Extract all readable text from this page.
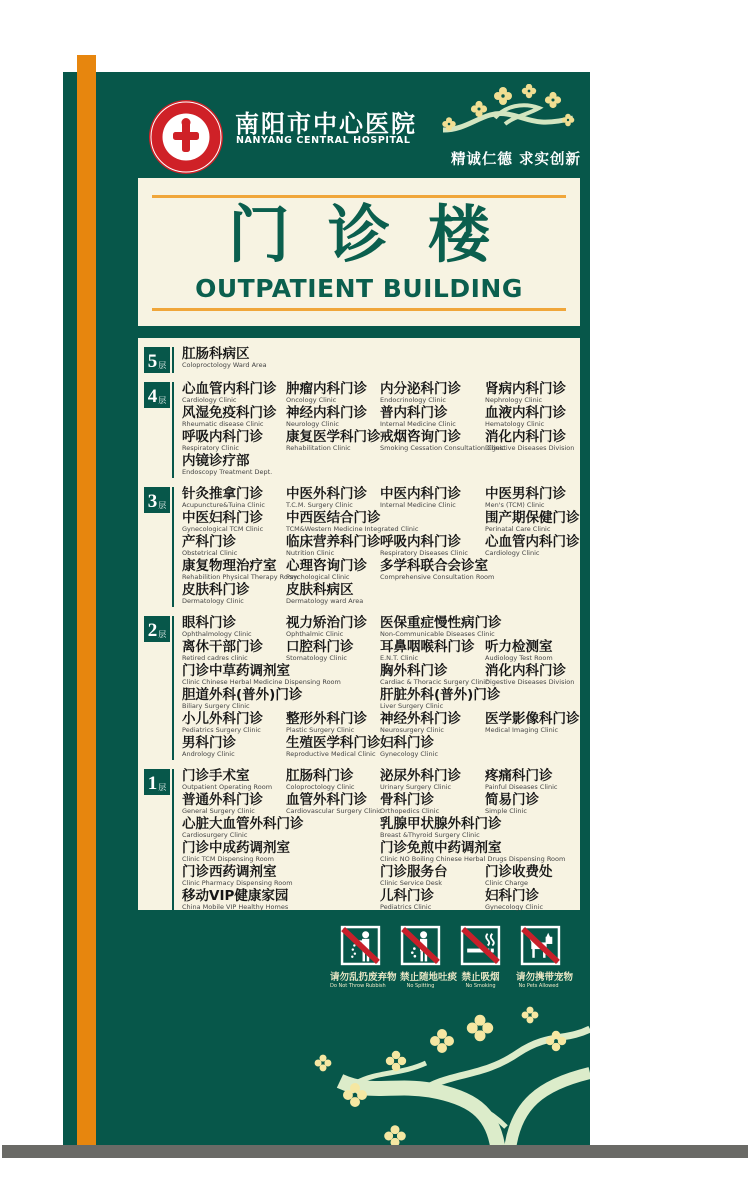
南阳市中心医院
NANYANG CENTRAL HOSPITAL
精诚仁德 求实创新
门诊楼
OUTPATIENT BUILDING
5 层
肛肠科病区
Coloproctology Ward Area
4 层
心血管内科门诊
Cardiology Clinic
肿瘤内科门诊
Oncology Clinic
内分泌科门诊
Endocrinology Clinic
肾病内科门诊
Nephrology Clinic
风湿免疫科门诊
Rheumatic disease Clinic
神经内科门诊
Neurology Clinic
普内科门诊
Internal Medicine Clinic
血液内科门诊
Hematology Clinic
呼吸内科门诊
Respiratory Clinic
康复医学科门诊
Rehabilitation Clinic
戒烟咨询门诊
Smoking Cessation Consultation Clinic
消化内科门诊
Digestive Diseases Division
内镜诊疗部
Endoscopy Treatment Dept.
3 层
针灸推拿门诊
Acupuncture&Tuina Clinic
中医外科门诊
T.C.M. Surgery Clinic
中医内科门诊
Internal Medicine Clinic
中医男科门诊
Men's (TCM) Clinic
中医妇科门诊
Gynecological TCM Clinic
中西医结合门诊
TCM&Western Medicine Integrated Clinic
围产期保健门诊
Perinatal Care Clinic
产科门诊
Obstetrical Clinic
临床营养科门诊
Nutrition Clinic
呼吸内科门诊
Respiratory Diseases Clinic
心血管内科门诊
Cardiology Clinic
康复物理治疗室
Rehabilition Physical Therapy Room
心理咨询门诊
Psychological Clinic
多学科联合会诊室
Comprehensive Consultation Room
皮肤科门诊
Dermatology Clinic
皮肤科病区
Dermatology ward Area
2 层
眼科门诊
Ophthalmology Clinic
视力矫治门诊
Ophthalmic Clinic
医保重症慢性病门诊
Non-Communicable Diseases Clinic
离休干部门诊
Retired cadres clinic
口腔科门诊
Stomatology Clinic
耳鼻咽喉科门诊
E.N.T. Clinic
听力检测室
Audiology Test Room
门诊中草药调剂室
Clinic Chinese Herbal Medicine Dispensing Room
胸外科门诊
Cardiac & Thoracic Surgery Clinic
消化内科门诊
Digestive Diseases Division
胆道外科(普外)门诊
Biliary Surgery Clinic
肝脏外科(普外)门诊
Liver Surgery Clinic
小儿外科门诊
Pediatrics Surgery Clinic
整形外科门诊
Plastic Surgery Clinic
神经外科门诊
Neurosurgery Clinic
医学影像科门诊
Medical Imaging Clinic
男科门诊
Andrology Clinic
生殖医学科门诊
Reproductive Medical Clinic
妇科门诊
Gynecology Clinic
1 层
门诊手术室
Outpatient Operating Room
肛肠科门诊
Coloproctology Clinic
泌尿外科门诊
Urinary Surgery Clinic
疼痛科门诊
Painful Diseases Clinic
普通外科门诊
General Surgery Clinic
血管外科门诊
Cardiovascular Surgery Clinic
骨科门诊
Orthopedics Clinic
简易门诊
Simple Clinic
心脏大血管外科门诊
Cardiosurgery Clinic
乳腺甲状腺外科门诊
Breast &Thyroid Surgery Clinic
门诊中成药调剂室
Clinic TCM Dispensing Room
门诊免煎中药调剂室
Clinic NO Boiling Chinese Herbal Drugs Dispensing Room
门诊西药调剂室
Clinic Pharmacy Dispensing Room
门诊服务台
Clinic Service Desk
门诊收费处
Clinic Charge
移动VIP健康家园
China Mobile VIP Healthy Homes
儿科门诊
Pediatrics Clinic
妇科门诊
Gynecology Clinic
请勿乱扔废弃物
Do Not Throw Rubbish
禁止随地吐痰
No Spitting
禁止吸烟
No Smoking
请勿携带宠物
No Pets Allowed
